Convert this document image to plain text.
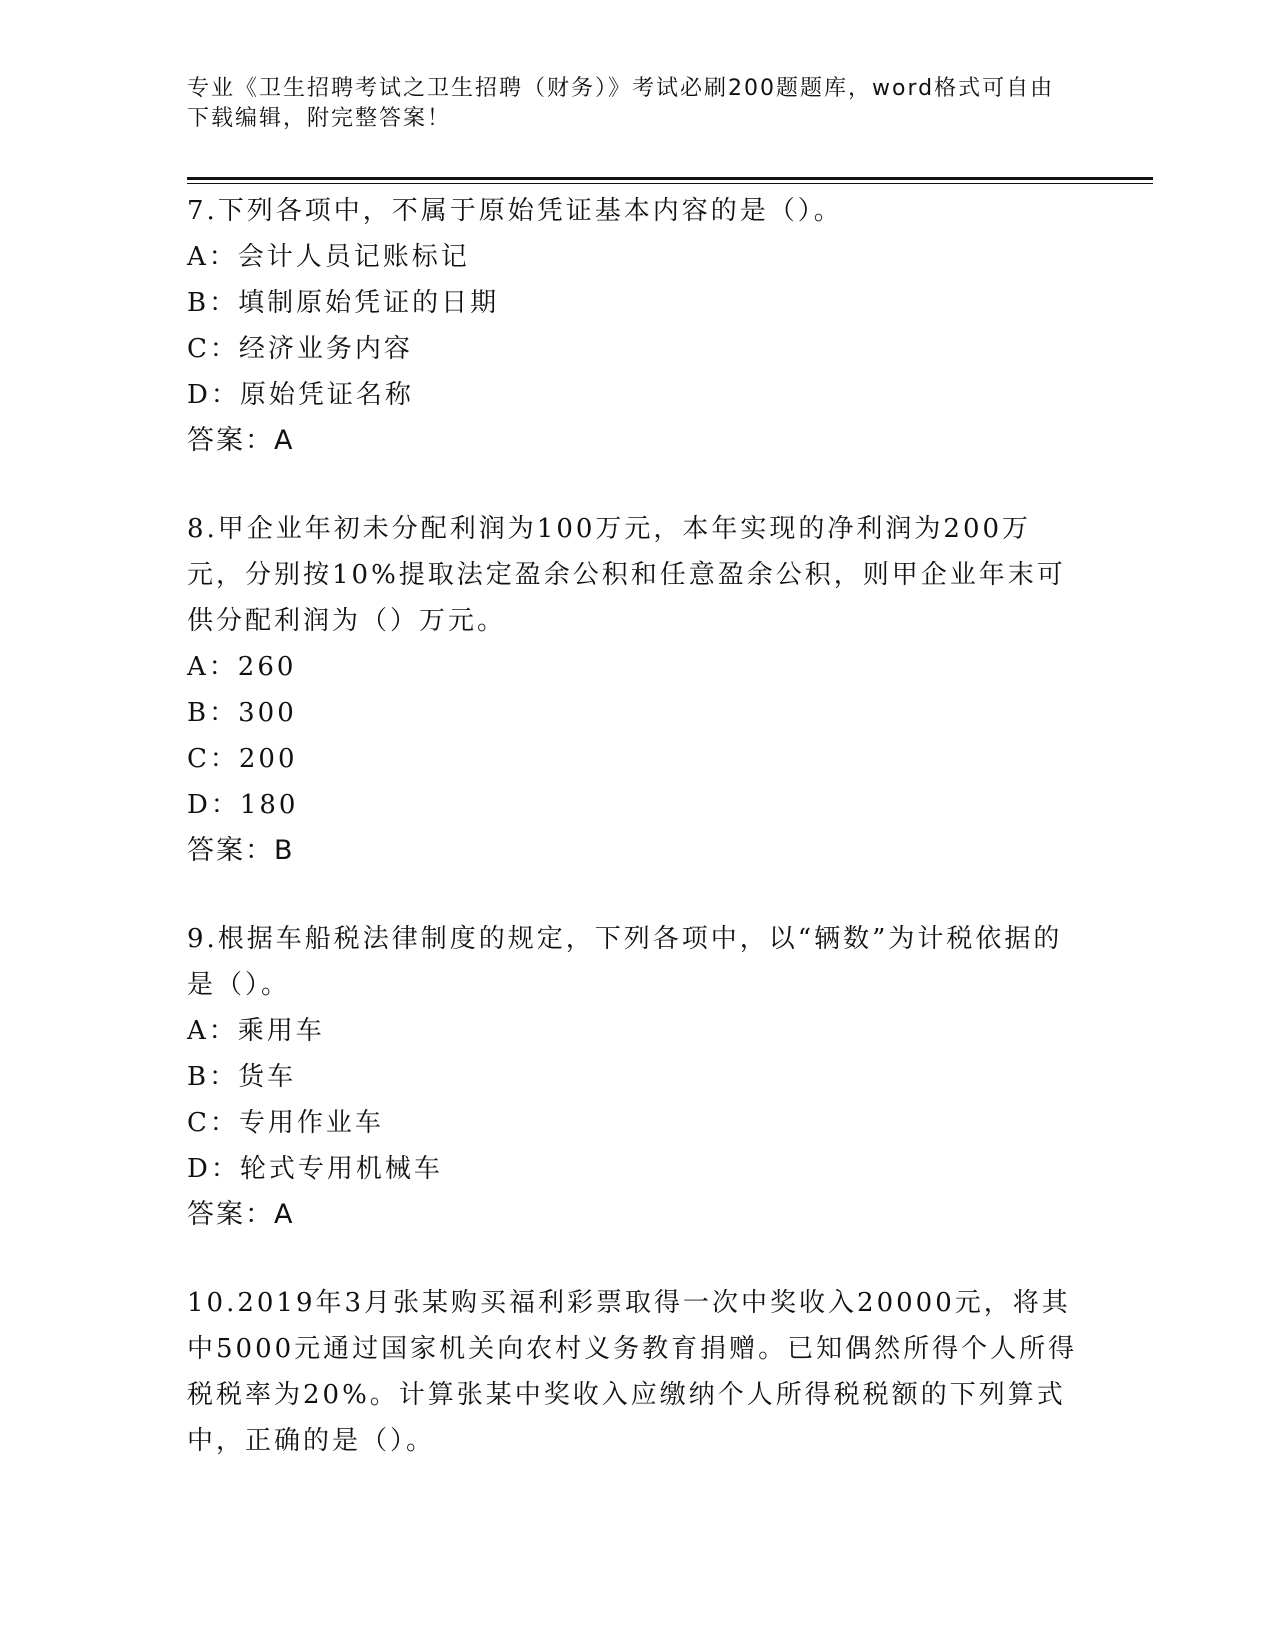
专业《卫生招聘考试之卫生招聘（财务）》考试必刷200题题库，word格式可自由下载编辑，附完整答案！
7.下列各项中，不属于原始凭证基本内容的是（）。
A：会计人员记账标记
B：填制原始凭证的日期
C：经济业务内容
D：原始凭证名称
答案：A
8.甲企业年初未分配利润为100万元，本年实现的净利润为200万元，分别按10%提取法定盈余公积和任意盈余公积，则甲企业年末可供分配利润为（）万元。
A：260
B：300
C：200
D：180
答案：B
9.根据车船税法律制度的规定，下列各项中，以“辆数”为计税依据的是（）。
A：乘用车
B：货车
C：专用作业车
D：轮式专用机械车
答案：A
10.2019年3月张某购买福利彩票取得一次中奖收入20000元，将其中5000元通过国家机关向农村义务教育捐赠。已知偶然所得个人所得税税率为20%。计算张某中奖收入应缴纳个人所得税税额的下列算式中，正确的是（）。
